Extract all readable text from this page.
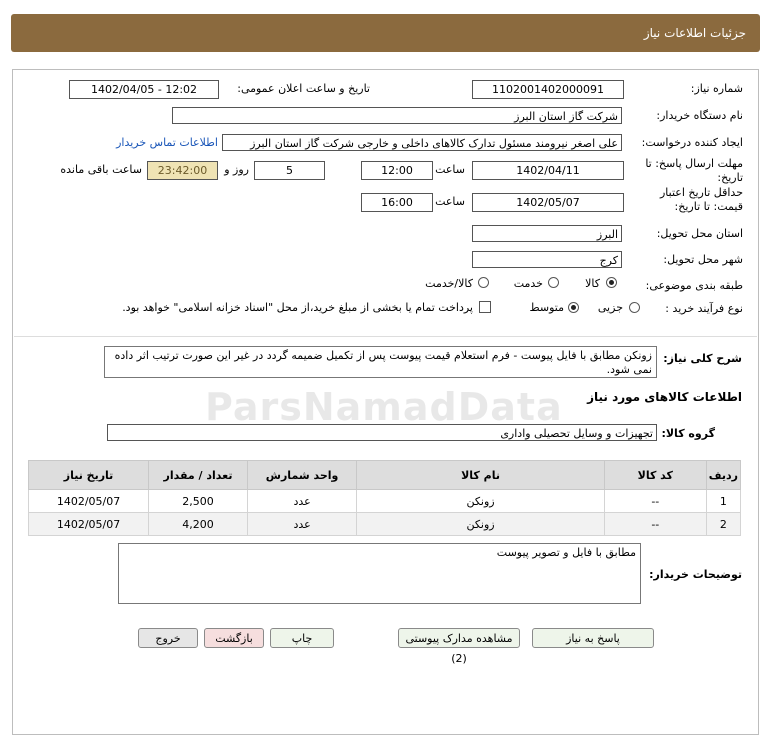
جزئیات اطلاعات نیاز
شماره نیاز:
1102001402000091
تاریخ و ساعت اعلان عمومی:
1402/04/05 - 12:02
نام دستگاه خریدار:
شرکت گاز استان البرز
ایجاد کننده درخواست:
علی اصغر نیرومند مسئول تدارک کالاهای داخلی و خارجی شرکت گاز استان البرز
اطلاعات تماس خریدار
مهلت ارسال پاسخ: تا تاریخ:
1402/04/11
ساعت
12:00
5
روز و
23:42:00
ساعت باقی مانده
حداقل تاریخ اعتبار قیمت: تا تاریخ:
1402/05/07
ساعت
16:00
استان محل تحویل:
البرز
شهر محل تحویل:
کرج
طبقه بندی موضوعی:
کالا
خدمت
کالا/خدمت
نوع فرآیند خرید :
جزیی
متوسط
پرداخت تمام یا بخشی از مبلغ خرید،از محل "اسناد خزانه اسلامی" خواهد بود.
شرح کلی نیاز:
زونکن مطابق با فایل پیوست - فرم استعلام قیمت پیوست پس از تکمیل ضمیمه گردد در غیر این صورت ترتیب اثر داده نمی شود.
اطلاعات کالاهای مورد نیاز
گروه کالا:
تجهیزات و وسایل تحصیلی واداری
ردیف	کد کالا	نام کالا	واحد شمارش	تعداد / مقدار	تاریخ نیاز
1	--	زونکن	عدد	2,500	1402/05/07
2	--	زونکن	عدد	4,200	1402/05/07
توضیحات خریدار:
مطابق با فایل و تصویر پیوست
پاسخ به نیاز
مشاهده مدارک پیوستی (2)
چاپ
بازگشت
خروج
